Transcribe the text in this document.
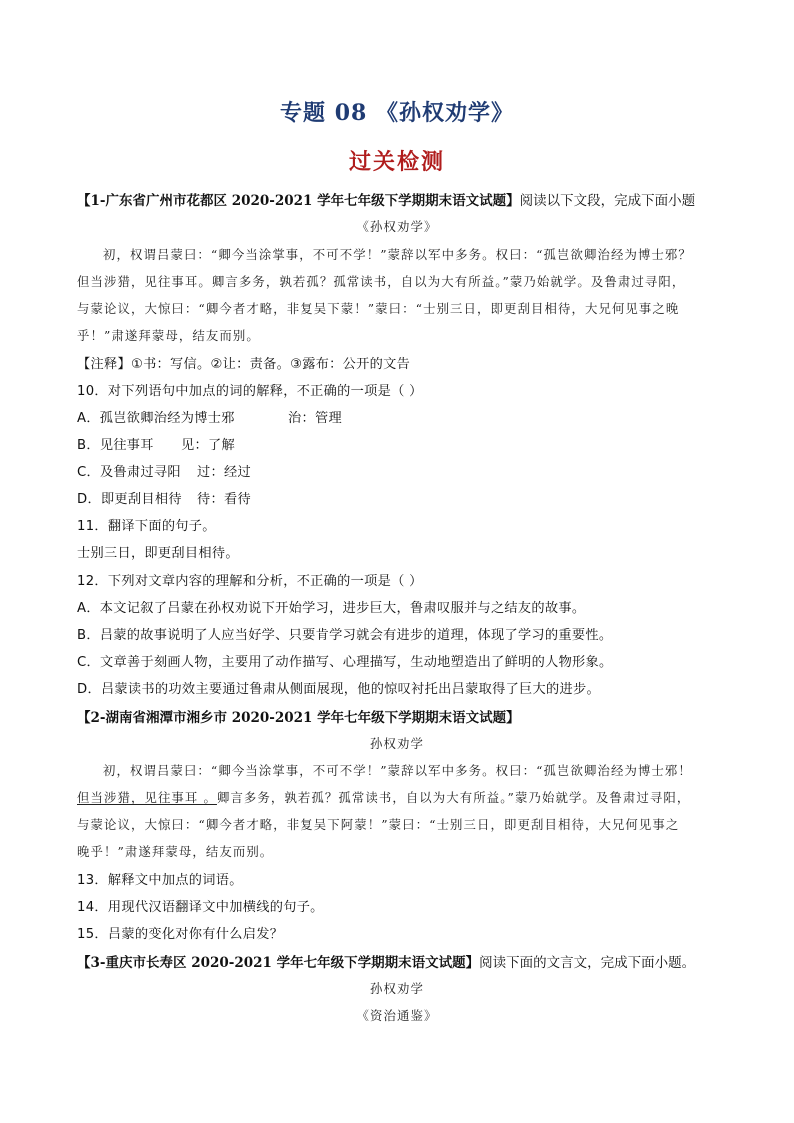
专题 08 《孙权劝学》
过关检测
【1-广东省广州市花都区 2020-2021 学年七年级下学期期末语文试题】阅读以下文段，完成下面小题
《孙权劝学》
初，权谓吕蒙曰：“卿今当涂掌事，不可不学！”蒙辞以军中多务。权曰：“孤岂欲卿治经为博士邪？
但当涉猎，见往事耳。卿言多务，孰若孤？孤常读书，自以为大有所益。”蒙乃始就学。及鲁肃过寻阳，
与蒙论议，大惊曰：“卿今者才略，非复吴下蒙！”蒙曰：“士别三日，即更刮目相待，大兄何见事之晚
乎！”肃遂拜蒙母，结友而别。
【注释】①书：写信。②让：责备。③露布：公开的文告
10．对下列语句中加点的词的解释，不正确的一项是（ ）
A．孤岂欲卿治经为博士邪	治：管理
B．见往事耳 见：了解
C．及鲁肃过寻阳 过：经过
D．即更刮目相待 待：看待
11．翻译下面的句子。
士别三日，即更刮目相待。
12．下列对文章内容的理解和分析，不正确的一项是（ ）
A．本文记叙了吕蒙在孙权劝说下开始学习，进步巨大，鲁肃叹服并与之结友的故事。
B．吕蒙的故事说明了人应当好学、只要肯学习就会有进步的道理，体现了学习的重要性。
C．文章善于刻画人物，主要用了动作描写、心理描写，生动地塑造出了鲜明的人物形象。
D．吕蒙读书的功效主要通过鲁肃从侧面展现，他的惊叹衬托出吕蒙取得了巨大的进步。
【2-湖南省湘潭市湘乡市 2020-2021 学年七年级下学期期末语文试题】
孙权劝学
初，权谓吕蒙曰：“卿今当涂掌事，不可不学！”蒙辞以军中多务。权曰：“孤岂欲卿治经为博士邪！
但当涉猎，见往事耳 。卿言多务，孰若孤？孤常读书，自以为大有所益。”蒙乃始就学。及鲁肃过寻阳，
与蒙论议，大惊曰：“卿今者才略，非复吴下阿蒙！”蒙曰：“士别三日，即更刮目相待，大兄何见事之
晚乎！”肃遂拜蒙母，结友而别。
13．解释文中加点的词语。
14．用现代汉语翻译文中加横线的句子。
15．吕蒙的变化对你有什么启发？
【3-重庆市长寿区 2020-2021 学年七年级下学期期末语文试题】阅读下面的文言文，完成下面小题。
孙权劝学
《资治通鉴》
